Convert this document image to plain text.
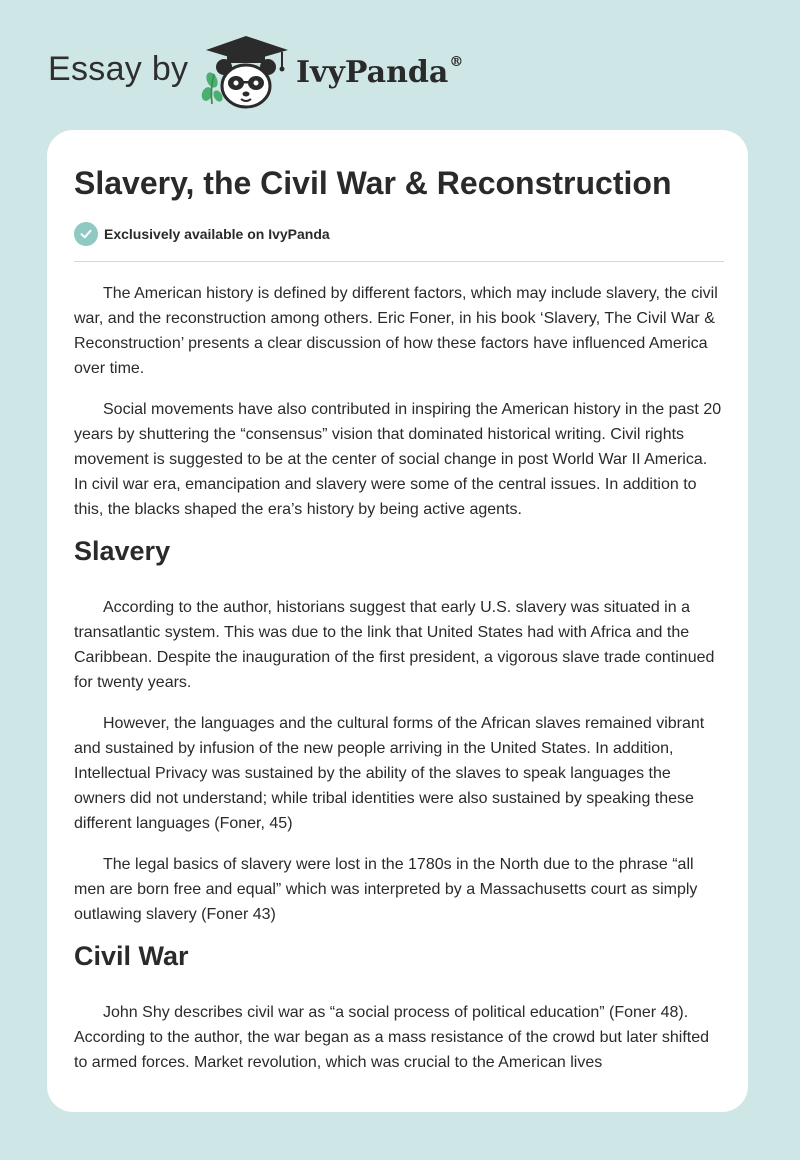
Essay by	IvyPanda®
Slavery, the Civil War & Reconstruction
Exclusively available on IvyPanda

The American history is defined by different factors, which may include slavery, the civil war, and the reconstruction among others. Eric Foner, in his book ‘Slavery, The Civil War & Reconstruction’ presents a clear discussion of how these factors have influenced America over time.

Social movements have also contributed in inspiring the American history in the past 20 years by shuttering the “consensus” vision that dominated historical writing. Civil rights movement is suggested to be at the center of social change in post World War II America. In civil war era, emancipation and slavery were some of the central issues. In addition to this, the blacks shaped the era’s history by being active agents.

Slavery

According to the author, historians suggest that early U.S. slavery was situated in a transatlantic system. This was due to the link that United States had with Africa and the Caribbean. Despite the inauguration of the first president, a vigorous slave trade continued for twenty years.

However, the languages and the cultural forms of the African slaves remained vibrant and sustained by infusion of the new people arriving in the United States. In addition, Intellectual Privacy was sustained by the ability of the slaves to speak languages the owners did not understand; while tribal identities were also sustained by speaking these different languages (Foner, 45)

The legal basics of slavery were lost in the 1780s in the North due to the phrase “all men are born free and equal” which was interpreted by a Massachusetts court as simply outlawing slavery (Foner 43)

Civil War

John Shy describes civil war as “a social process of political education” (Foner 48). According to the author, the war began as a mass resistance of the crowd but later shifted to armed forces. Market revolution, which was crucial to the American lives
